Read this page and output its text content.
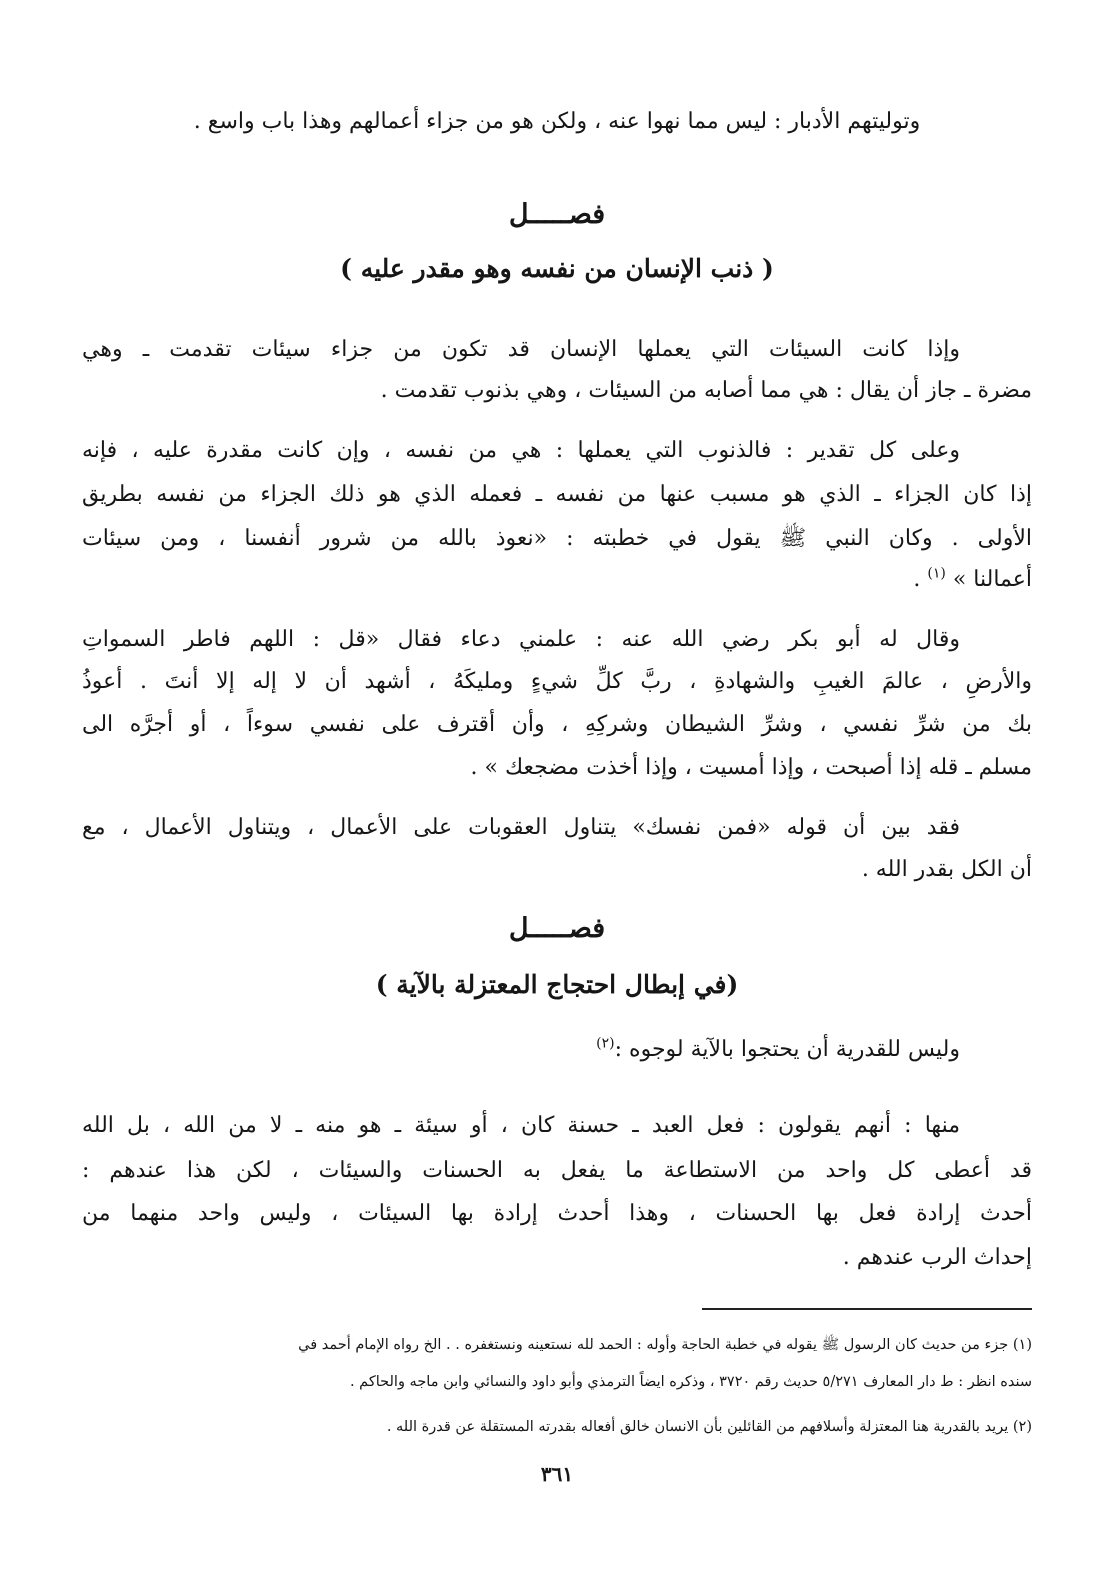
وتوليتهم الأدبار : ليس مما نهوا عنه ، ولكن هو من جزاء أعمالهم وهذا باب واسع .
فصـــــل
( ذنب الإنسان من نفسه وهو مقدر عليه )
وإذا كانت السيئات التي يعملها الإنسان قد تكون من جزاء سيئات تقدمت ـ وهي
مضرة ـ جاز أن يقال : هي مما أصابه من السيئات ، وهي بذنوب تقدمت .
وعلى كل تقدير : فالذنوب التي يعملها : هي من نفسه ، وإن كانت مقدرة عليه ، فإنه
إذا كان الجزاء ـ الذي هو مسبب عنها من نفسه ـ فعمله الذي هو ذلك الجزاء من نفسه بطريق
الأولى . وكان النبي ﷺ يقول في خطبته : «نعوذ بالله من شرور أنفسنا ، ومن سيئات
أعمالنا » $^{(١)}$ .
وقال له أبو بكر رضي الله عنه : علمني دعاء فقال «قل : اللهم فاطر السمواتِ
والأرضِ ، عالمَ الغيبِ والشهادةِ ، ربَّ كلِّ شيءٍ ومليكَهُ ، أشهد أن لا إله إلا أنتَ . أعوذُ
بك من شرِّ نفسي ، وشرِّ الشيطان وشركِهِ ، وأن أقترف على نفسي سوءاً ، أو أجرَّه الى
مسلم ـ قله إذا أصبحت ، وإذا أمسيت ، وإذا أخذت مضجعك » .
فقد بين أن قوله «فمن نفسك» يتناول العقوبات على الأعمال ، ويتناول الأعمال ، مع
أن الكل بقدر الله .
فصـــــل
(في إبطال احتجاج المعتزلة بالآية )
وليس للقدرية أن يحتجوا بالآية لوجوه :$^{(٢)}$
منها : أنهم يقولون : فعل العبد ـ حسنة كان ، أو سيئة ـ هو منه ـ لا من الله ، بل الله
قد أعطى كل واحد من الاستطاعة ما يفعل به الحسنات والسيئات ، لكن هذا عندهم :
أحدث إرادة فعل بها الحسنات ، وهذا أحدث إرادة بها السيئات ، وليس واحد منهما من
إحداث الرب عندهم .
(١) جزء من حديث كان الرسول ﷺ يقوله في خطبة الحاجة وأوله : الحمد لله نستعينه ونستغفره . . الخ رواه الإمام أحمد في
سنده انظر : ط دار المعارف ٥/٢٧١ حديث رقم ٣٧٢٠ ، وذكره ايضاً الترمذي وأبو داود والنسائي وابن ماجه والحاكم .
(٢) يريد بالقدرية هنا المعتزلة وأسلافهم من القائلين بأن الانسان خالق أفعاله بقدرته المستقلة عن قدرة الله .
٣٦١
